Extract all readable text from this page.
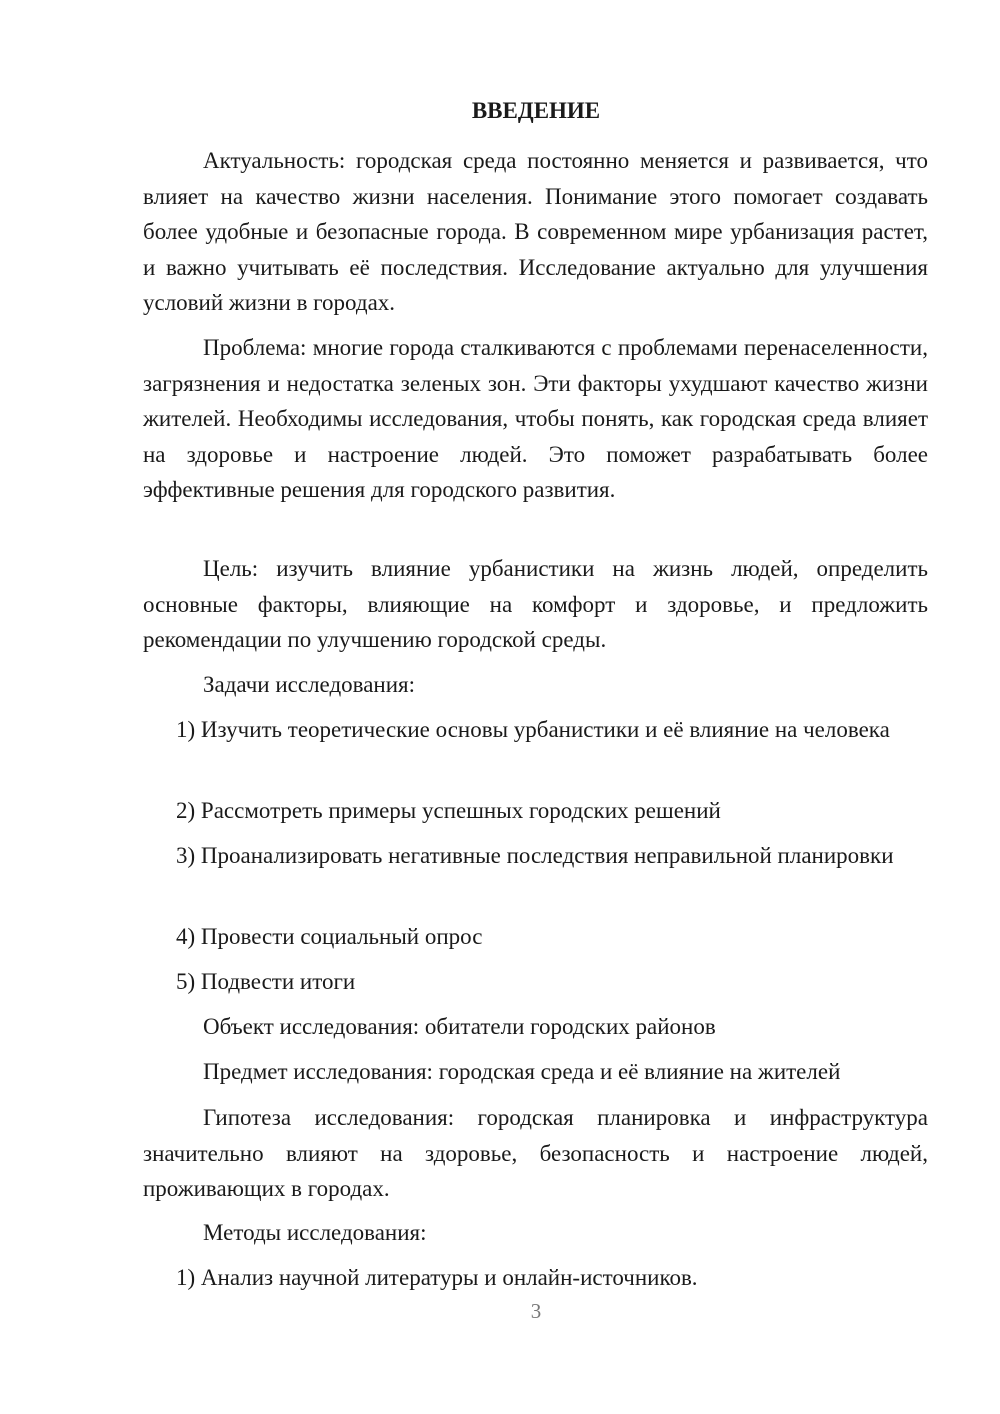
ВВЕДЕНИЕ

Актуальность: городская среда постоянно меняется и развивается, что влияет на качество жизни населения. Понимание этого помогает создавать более удобные и безопасные города. В современном мире урбанизация растет, и важно учитывать её последствия. Исследование актуально для улучшения условий жизни в городах.

Проблема: многие города сталкиваются с проблемами перенаселенности, загрязнения и недостатка зеленых зон. Эти факторы ухудшают качество жизни жителей. Необходимы исследования, чтобы понять, как городская среда влияет на здоровье и настроение людей. Это поможет разрабатывать более эффективные решения для городского развития.

Цель: изучить влияние урбанистики на жизнь людей, определить основные факторы, влияющие на комфорт и здоровье, и предложить рекомендации по улучшению городской среды.

Задачи исследования:

1) Изучить теоретические основы урбанистики и её влияние на человека

2) Рассмотреть примеры успешных городских решений

3) Проанализировать негативные последствия неправильной планировки

4) Провести социальный опрос

5) Подвести итоги

Объект исследования: обитатели городских районов

Предмет исследования: городская среда и её влияние на жителей

Гипотеза исследования: городская планировка и инфраструктура значительно влияют на здоровье, безопасность и настроение людей, проживающих в городах.

Методы исследования:

1) Анализ научной литературы и онлайн-источников.

3
